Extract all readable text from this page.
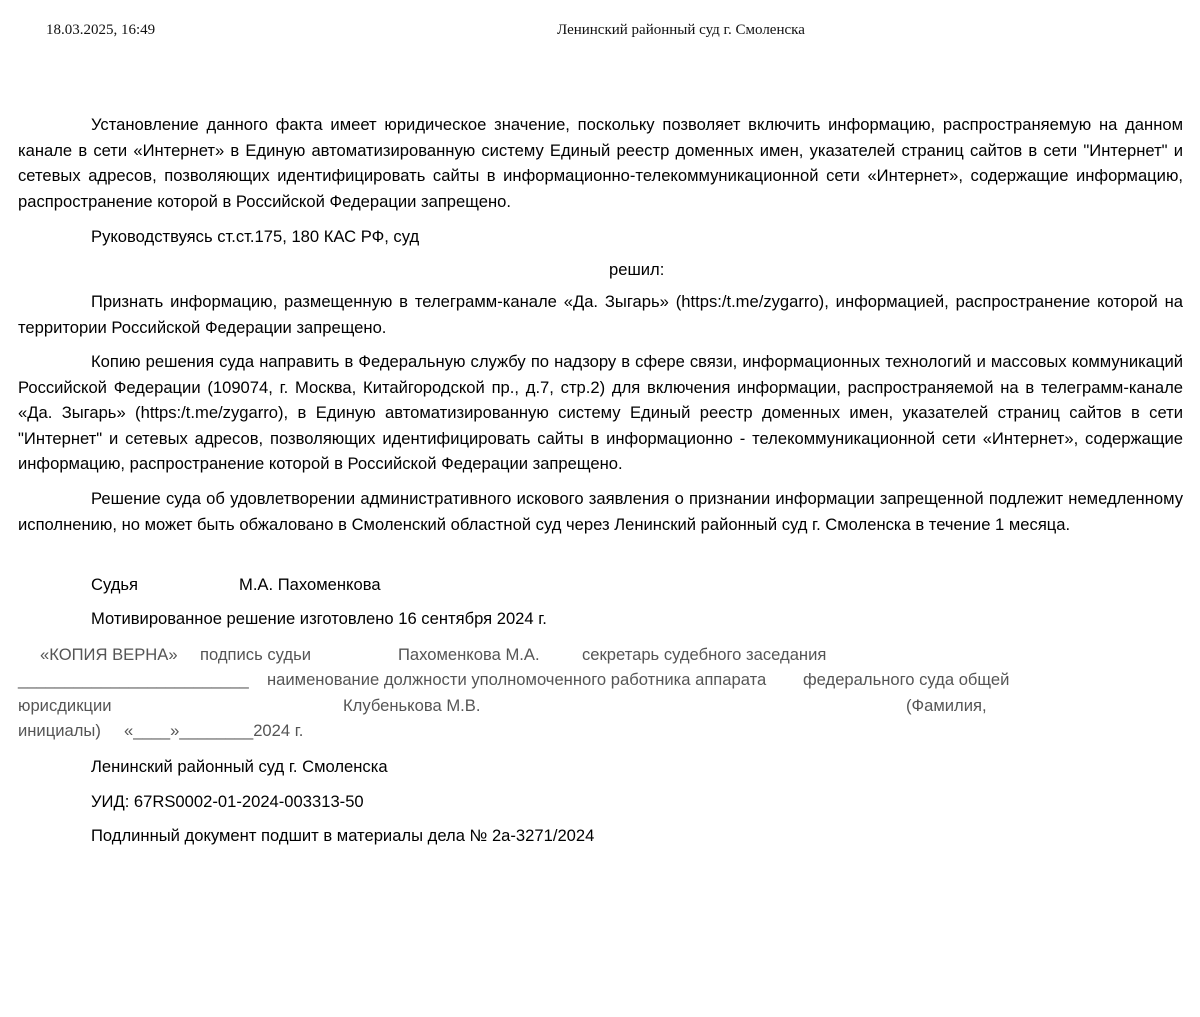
18.03.2025, 16:49	Ленинский районный суд г. Смоленска

Установление данного факта имеет юридическое значение, поскольку позволяет включить информацию, распространяемую на данном канале в сети «Интернет» в Единую автоматизированную систему Единый реестр доменных имен, указателей страниц сайтов в сети "Интернет" и сетевых адресов, позволяющих идентифицировать сайты в информационно-телекоммуникационной сети «Интернет», содержащие информацию, распространение которой в Российской Федерации запрещено.

Руководствуясь ст.ст.175, 180 КАС РФ, суд

решил:

Признать информацию, размещенную в телеграмм-канале «Да. Зыгарь» (https:/t.me/zygarro), информацией, распространение которой на территории Российской Федерации запрещено.

Копию решения суда направить в Федеральную службу по надзору в сфере связи, информационных технологий и массовых коммуникаций Российской Федерации (109074, г. Москва, Китайгородской пр., д.7, стр.2) для включения информации, распространяемой на в телеграмм-канале «Да. Зыгарь» (https:/t.me/zygarro), в Единую автоматизированную систему Единый реестр доменных имен, указателей страниц сайтов в сети "Интернет" и сетевых адресов, позволяющих идентифицировать сайты в информационно - телекоммуникационной сети «Интернет», содержащие информацию, распространение которой в Российской Федерации запрещено.

Решение суда об удовлетворении административного искового заявления о признании информации запрещенной подлежит немедленному исполнению, но может быть обжаловано в Смоленский областной суд через Ленинский районный суд г. Смоленска в течение 1 месяца.

Судья	М.А. Пахоменкова

Мотивированное решение изготовлено 16 сентября 2024 г.

«КОПИЯ ВЕРНА» подпись судьи	Пахоменкова М.А.	секретарь судебного заседания
_________________________ наименование должности уполномоченного работника аппарата федерального суда общей
юрисдикции	Клубенькова М.В.	(Фамилия,
инициалы) «____»________2024 г.

Ленинский районный суд г. Смоленска

УИД: 67RS0002-01-2024-003313-50

Подлинный документ подшит в материалы дела № 2а-3271/2024
